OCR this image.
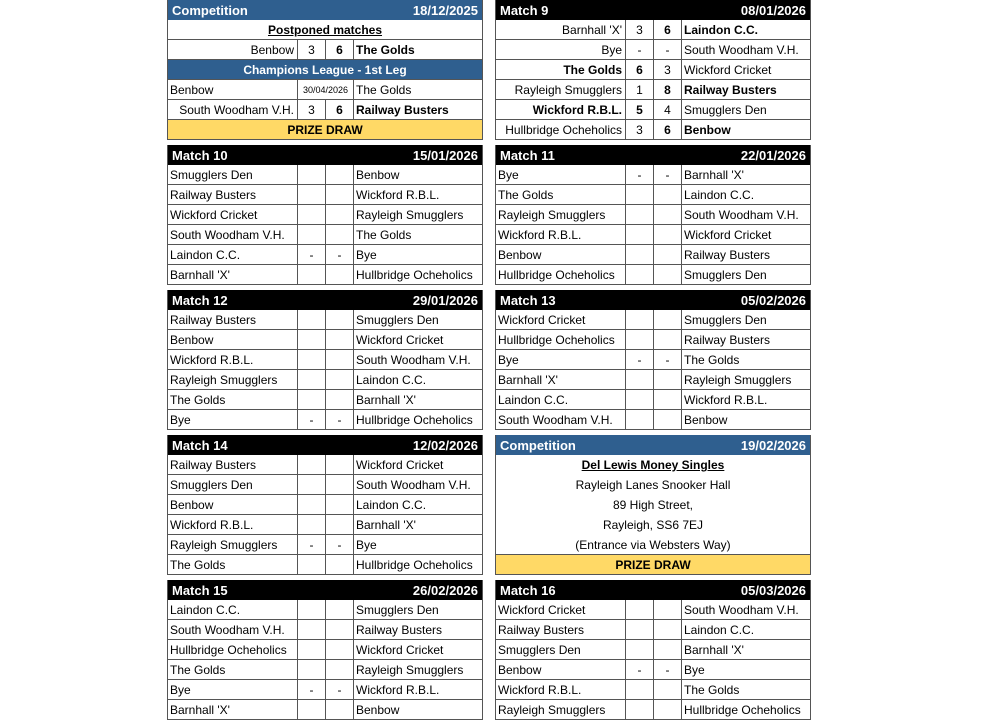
Competition	18/12/2025
Postponed matches
Benbow	3	6	The Golds
Champions League - 1st Leg
Benbow	30/04/2026 The Golds
South Woodham V.H.	3	6	Railway Busters
PRIZE DRAW
Match 9	08/01/2026
Barnhall 'X'	3	6	Laindon C.C.
Bye	-	-	South Woodham V.H.
The Golds	6	3	Wickford Cricket
Rayleigh Smugglers	1	8	Railway Busters
Wickford R.B.L.	5	4	Smugglers Den
Hullbridge Ocheholics	3	6	Benbow
Match 10	15/01/2026
Smugglers Den	Benbow
Railway Busters	Wickford R.B.L.
Wickford Cricket	Rayleigh Smugglers
South Woodham V.H.	The Golds
Laindon C.C.	-	-	Bye
Barnhall 'X'	Hullbridge Ocheholics
Match 11	22/01/2026
Bye	-	-	Barnhall 'X'
The Golds	Laindon C.C.
Rayleigh Smugglers	South Woodham V.H.
Wickford R.B.L.	Wickford Cricket
Benbow	Railway Busters
Hullbridge Ocheholics	Smugglers Den
Match 12	29/01/2026
Railway Busters	Smugglers Den
Benbow	Wickford Cricket
Wickford R.B.L.	South Woodham V.H.
Rayleigh Smugglers	Laindon C.C.
The Golds	Barnhall 'X'
Bye	-	-	Hullbridge Ocheholics
Match 13	05/02/2026
Wickford Cricket	Smugglers Den
Hullbridge Ocheholics	Railway Busters
Bye	-	-	The Golds
Barnhall 'X'	Rayleigh Smugglers
Laindon C.C.	Wickford R.B.L.
South Woodham V.H.	Benbow
Match 14	12/02/2026
Railway Busters	Wickford Cricket
Smugglers Den	South Woodham V.H.
Benbow	Laindon C.C.
Wickford R.B.L.	Barnhall 'X'
Rayleigh Smugglers	-	-	Bye
The Golds	Hullbridge Ocheholics
Match 15	26/02/2026
Laindon C.C.	Smugglers Den
South Woodham V.H.	Railway Busters
Hullbridge Ocheholics	Wickford Cricket
The Golds	Rayleigh Smugglers
Bye	-	-	Wickford R.B.L.
Barnhall 'X'	Benbow
Match 16	05/03/2026
Wickford Cricket	South Woodham V.H.
Railway Busters	Laindon C.C.
Smugglers Den	Barnhall 'X'
Benbow	-	-	Bye
Wickford R.B.L.	The Golds
Rayleigh Smugglers	Hullbridge Ocheholics
Competition	19/02/2026
Del Lewis Money Singles
Rayleigh Lanes Snooker Hall
89 High Street,
Rayleigh, SS6 7EJ
(Entrance via Websters Way)
PRIZE DRAW
